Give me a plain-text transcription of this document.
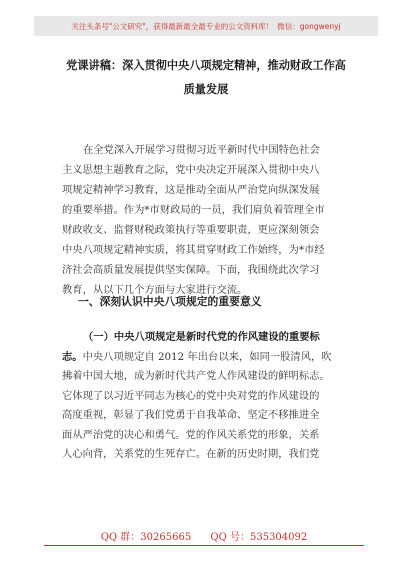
关注头条号"公文研究"，获得最新最全最专业的公文资料库！ 微信：gongwenyj
党课讲稿：深入贯彻中央八项规定精神，推动财政工作高
质量发展
在全党深入开展学习贯彻习近平新时代中国特色社会
主义思想主题教育之际，党中央决定开展深入贯彻中央八
项规定精神学习教育，这是推动全面从严治党向纵深发展
的重要举措。作为*市财政局的一员，我们肩负着管理全市
财政收支、监督财税政策执行等重要职责，更应深刻领会
中央八项规定精神实质，将其贯穿财政工作始终，为*市经
济社会高质量发展提供坚实保障。下面，我围绕此次学习
教育，从以下几个方面与大家进行交流。
一、深刻认识中央八项规定的重要意义
（一）中央八项规定是新时代党的作风建设的重要标
志。中央八项规定自 2012 年出台以来，如同一股清风，吹
拂着中国大地，成为新时代共产党人作风建设的鲜明标志。
它体现了以习近平同志为核心的党中央对党的作风建设的
高度重视，彰显了我们党勇于自我革命、坚定不移推进全
面从严治党的决心和勇气。党的作风关系党的形象，关系
人心向背，关系党的生死存亡。在新的历史时期，我们党
QQ 群：30265665 QQ 号：535304092
